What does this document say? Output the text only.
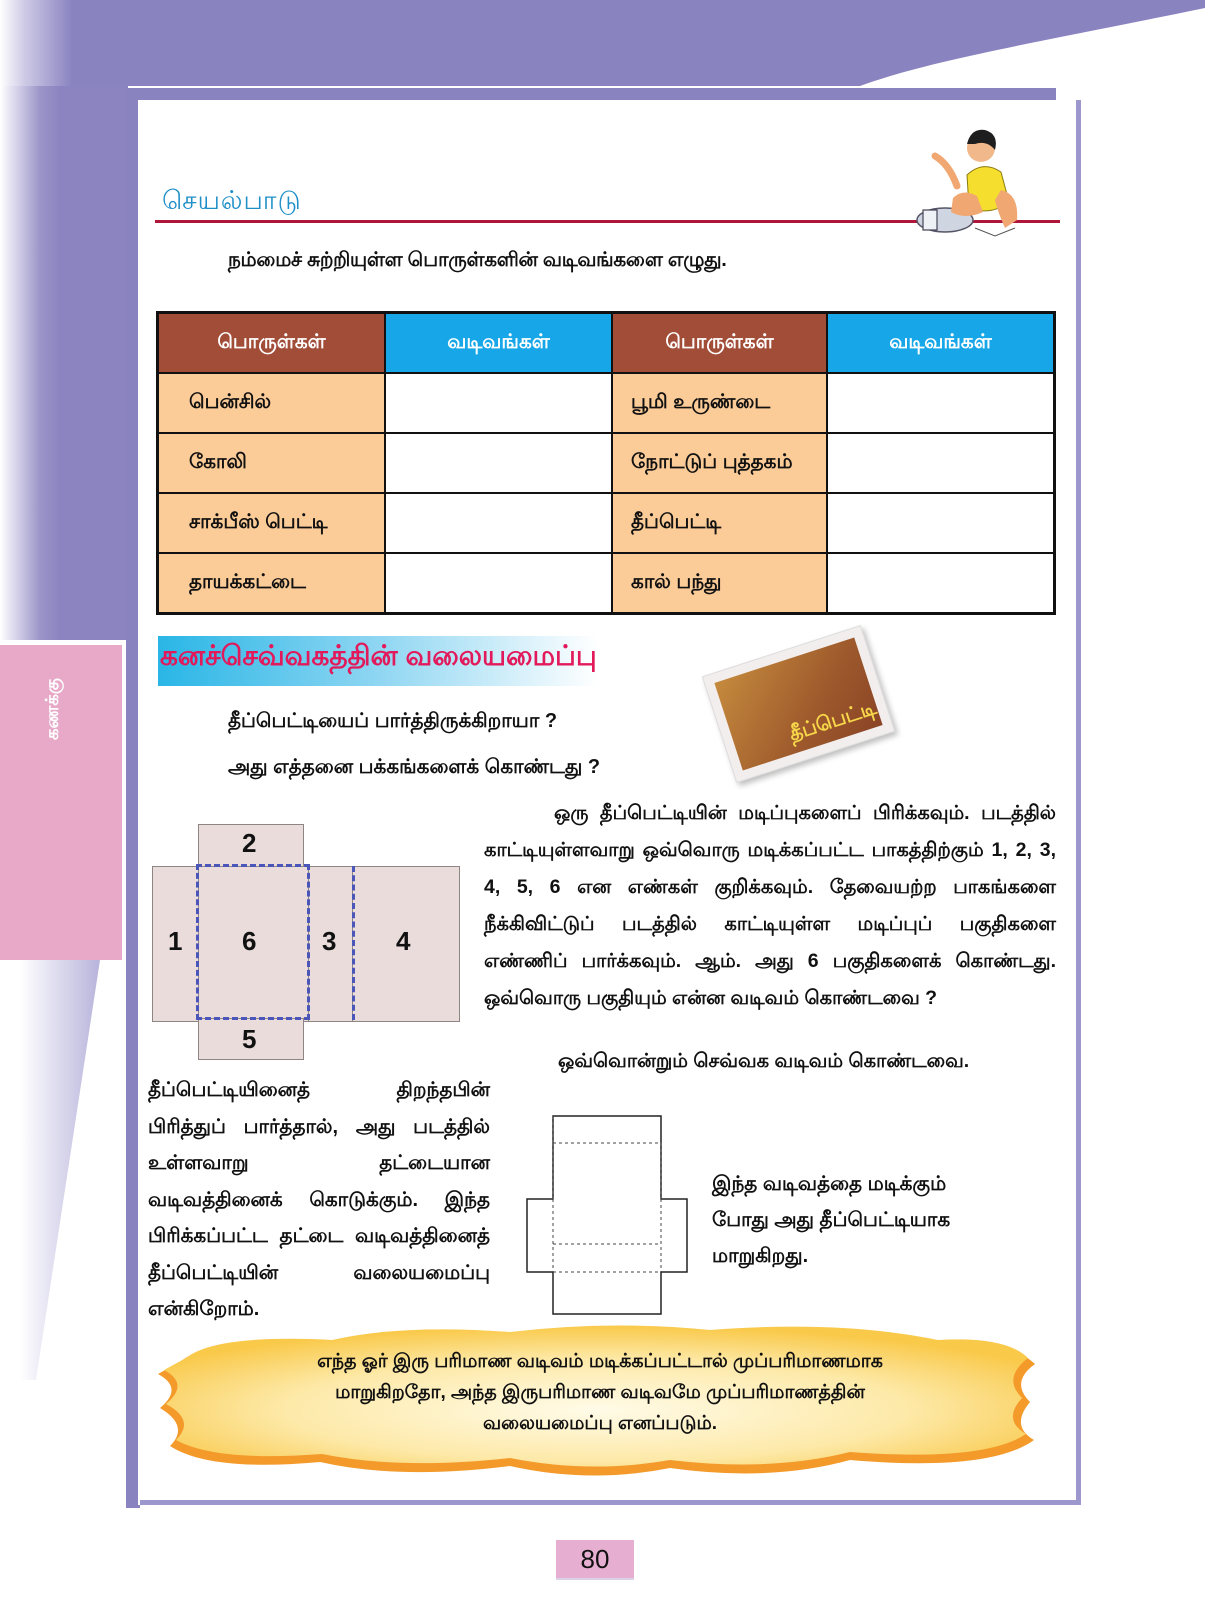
கணக்கு
செயல்பாடு
நம்மைச் சுற்றியுள்ள பொருள்களின் வடிவங்களை எழுது.
பொருள்கள்	வடிவங்கள்	பொருள்கள்	வடிவங்கள்
பென்சில்		பூமி உருண்டை	
கோலி		நோட்டுப் புத்தகம்	
சாக்பீஸ் பெட்டி		தீப்பெட்டி	
தாயக்கட்டை		கால் பந்து	
கனச்செவ்வகத்தின் வலையமைப்பு
தீப்பெட்டியைப் பார்த்திருக்கிறாயா ?
அது எத்தனை பக்கங்களைக் கொண்டது ?
தீப்பெட்டி

ஒரு தீப்பெட்டியின் மடிப்புகளைப் பிரிக்கவும். படத்தில் காட்டியுள்ளவாறு ஒவ்வொரு மடிக்கப்பட்ட பாகத்திற்கும் 1, 2, 3, 4, 5, 6 என எண்கள் குறிக்கவும். தேவையற்ற பாகங்களை நீக்கிவிட்டுப் படத்தில் காட்டியுள்ள மடிப்புப் பகுதிகளை எண்ணிப் பார்க்கவும். ஆம். அது 6 பகுதிகளைக் கொண்டது. ஒவ்வொரு பகுதியும் என்ன வடிவம் கொண்டவை ?

ஒவ்வொன்றும் செவ்வக வடிவம் கொண்டவை.
2
1 6	3 4
5
தீப்பெட்டியினைத் திறந்தபின் பிரித்துப் பார்த்தால், அது படத்தில் உள்ளவாறு தட்டையான வடிவத்தினைக் கொடுக்கும். இந்த பிரிக்கப்பட்ட தட்டை வடிவத்தினைத் தீப்பெட்டியின் வலையமைப்பு என்கிறோம்.
இந்த வடிவத்தை மடிக்கும் போது அது தீப்பெட்டியாக மாறுகிறது.
எந்த ஓர் இரு பரிமாண வடிவம் மடிக்கப்பட்டால் முப்பரிமாணமாக
மாறுகிறதோ, அந்த இருபரிமாண வடிவமே முப்பரிமாணத்தின்
வலையமைப்பு எனப்படும்.
80
